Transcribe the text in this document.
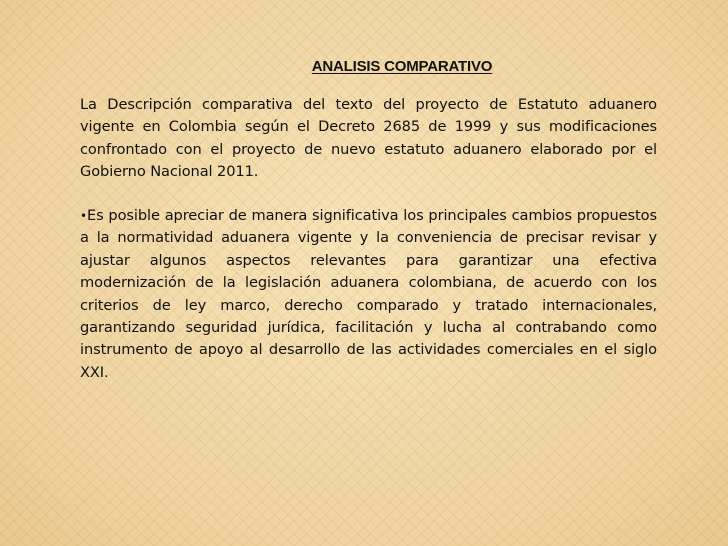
ANALISIS COMPARATIVO
La Descripción comparativa del texto del proyecto de Estatuto aduanero vigente en Colombia según el Decreto 2685 de 1999 y sus modificaciones confrontado con el proyecto de nuevo estatuto aduanero elaborado por el Gobierno Nacional 2011.
•Es posible apreciar de manera significativa los principales cambios propuestos a la normatividad aduanera vigente y la conveniencia de precisar revisar y ajustar algunos aspectos relevantes para garantizar una efectiva modernización de la legislación aduanera colombiana, de acuerdo con los criterios de ley marco, derecho comparado y tratado internacionales, garantizando seguridad jurídica, facilitación y lucha al contrabando como instrumento de apoyo al desarrollo de las actividades comerciales en el siglo XXI.
